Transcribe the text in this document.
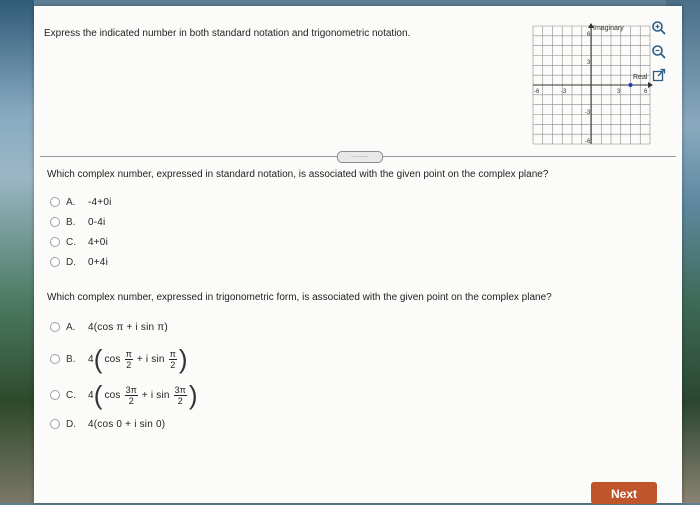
Express the indicated number in both standard notation and trigonometric notation.	Imaginary
Real
6
3
-3
-6
-6	-3	3	6
......
Which complex number, expressed in standard notation, is associated with the given point on the complex plane?
A.	-4+0i
B.	0-4i
C.	4+0i
D.	0+4i
Which complex number, expressed in trigonometric form, is associated with the given point on the complex plane?
A.	4(cos π + i sin π)
B.	4 ( $\cos \frac{\pi}{2} + i$ $\sin \frac{\pi}{2}$ )
C.	4 ( $\cos \frac{3\pi}{2} + i$ $\sin \frac{3\pi}{2}$ )
D.	4(cos 0 + i sin 0)
Next
